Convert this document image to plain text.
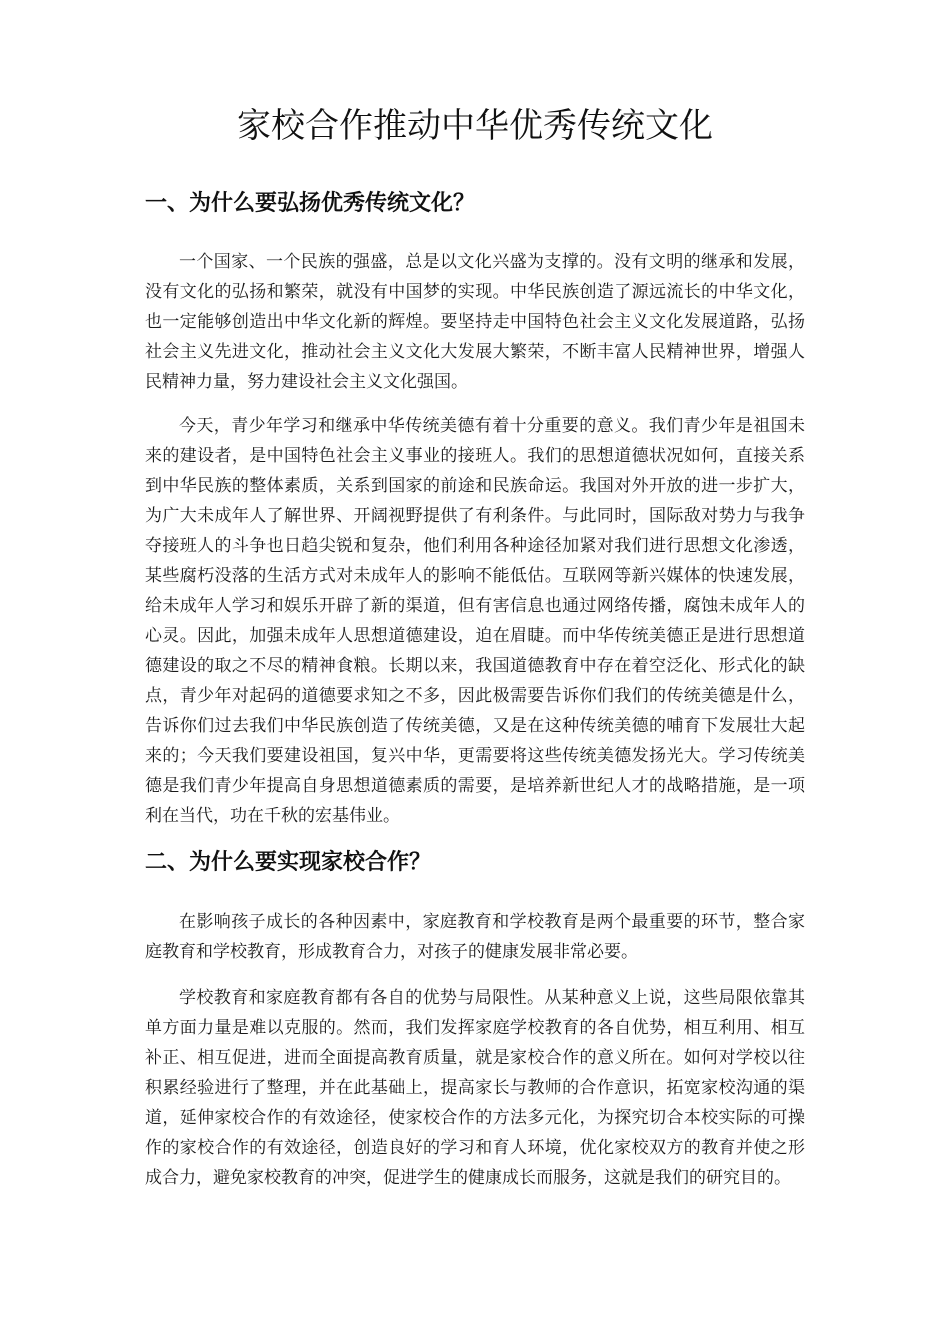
家校合作推动中华优秀传统文化
一、为什么要弘扬优秀传统文化？

一个国家、一个民族的强盛，总是以文化兴盛为支撑的。没有文明的继承和发展，没有文化的弘扬和繁荣，就没有中国梦的实现。中华民族创造了源远流长的中华文化，也一定能够创造出中华文化新的辉煌。要坚持走中国特色社会主义文化发展道路，弘扬社会主义先进文化，推动社会主义文化大发展大繁荣，不断丰富人民精神世界，增强人民精神力量，努力建设社会主义文化强国。

今天，青少年学习和继承中华传统美德有着十分重要的意义。我们青少年是祖国未来的建设者，是中国特色社会主义事业的接班人。我们的思想道德状况如何，直接关系到中华民族的整体素质，关系到国家的前途和民族命运。我国对外开放的进一步扩大，为广大未成年人了解世界、开阔视野提供了有利条件。与此同时，国际敌对势力与我争夺接班人的斗争也日趋尖锐和复杂，他们利用各种途径加紧对我们进行思想文化渗透，某些腐朽没落的生活方式对未成年人的影响不能低估。互联网等新兴媒体的快速发展，给未成年人学习和娱乐开辟了新的渠道，但有害信息也通过网络传播，腐蚀未成年人的心灵。因此，加强未成年人思想道德建设，迫在眉睫。而中华传统美德正是进行思想道德建设的取之不尽的精神食粮。长期以来，我国道德教育中存在着空泛化、形式化的缺点，青少年对起码的道德要求知之不多，因此极需要告诉你们我们的传统美德是什么，告诉你们过去我们中华民族创造了传统美德，又是在这种传统美德的哺育下发展壮大起来的；今天我们要建设祖国，复兴中华，更需要将这些传统美德发扬光大。学习传统美德是我们青少年提高自身思想道德素质的需要，是培养新世纪人才的战略措施，是一项利在当代，功在千秋的宏基伟业。

二、为什么要实现家校合作？

在影响孩子成长的各种因素中，家庭教育和学校教育是两个最重要的环节，整合家庭教育和学校教育，形成教育合力，对孩子的健康发展非常必要。

学校教育和家庭教育都有各自的优势与局限性。从某种意义上说，这些局限依靠其单方面力量是难以克服的。然而，我们发挥家庭学校教育的各自优势，相互利用、相互补正、相互促进，进而全面提高教育质量，就是家校合作的意义所在。如何对学校以往积累经验进行了整理，并在此基础上，提高家长与教师的合作意识，拓宽家校沟通的渠道，延伸家校合作的有效途径，使家校合作的方法多元化，为探究切合本校实际的可操作的家校合作的有效途径，创造良好的学习和育人环境，优化家校双方的教育并使之形成合力，避免家校教育的冲突，促进学生的健康成长而服务，这就是我们的研究目的。
